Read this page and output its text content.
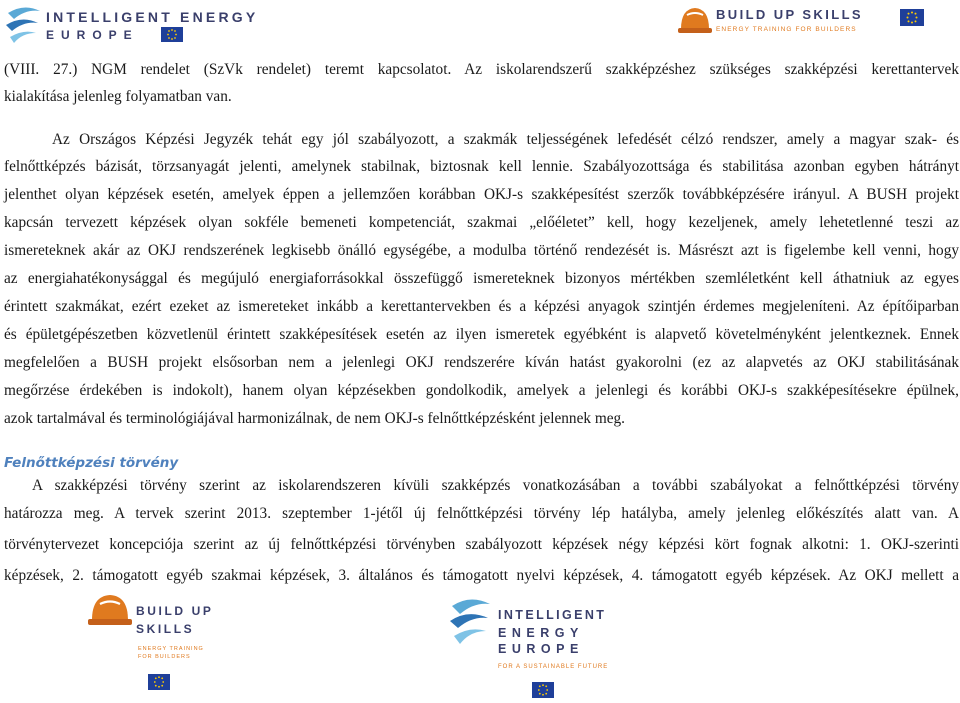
INTELLIGENT ENERGY
EUROPE
BUILD UP SKILLS
ENERGY TRAINING FOR BUILDERS

(VIII. 27.) NGM rendelet (SzVk rendelet) teremt kapcsolatot. Az iskolarendszerű szakképzéshez szükséges szakképzési kerettantervek

kialakítása jelenleg folyamatban van.

Az Országos Képzési Jegyzék tehát egy jól szabályozott, a szakmák teljességének lefedését célzó rendszer, amely a magyar szak- és

felnőttképzés bázisát, törzsanyagát jelenti, amelynek stabilnak, biztosnak kell lennie. Szabályozottsága és stabilitása azonban egyben hátrányt

jelenthet olyan képzések esetén, amelyek éppen a jellemzően korábban OKJ-s szakképesítést szerzők továbbképzésére irányul. A BUSH projekt

kapcsán tervezett képzések olyan sokféle bemeneti kompetenciát, szakmai „előéletet” kell, hogy kezeljenek, amely lehetetlenné teszi az

ismereteknek akár az OKJ rendszerének legkisebb önálló egységébe, a modulba történő rendezését is. Másrészt azt is figelembe kell venni, hogy

az energiahatékonysággal és megújuló energiaforrásokkal összefüggő ismereteknek bizonyos mértékben szemléletként kell áthatniuk az egyes

érintett szakmákat, ezért ezeket az ismereteket inkább a kerettantervekben és a képzési anyagok szintjén érdemes megjeleníteni. Az építőiparban

és épületgépészetben közvetlenül érintett szakképesítések esetén az ilyen ismeretek egyébként is alapvető követelményként jelentkeznek. Ennek

megfelelően a BUSH projekt elsősorban nem a jelenlegi OKJ rendszerére kíván hatást gyakorolni (ez az alapvetés az OKJ stabilitásának

megőrzése érdekében is indokolt), hanem olyan képzésekben gondolkodik, amelyek a jelenlegi és korábbi OKJ-s szakképesítésekre épülnek,

azok tartalmával és terminológiájával harmonizálnak, de nem OKJ-s felnőttképzésként jelennek meg.

Felnőttképzési törvény

A szakképzési törvény szerint az iskolarendszeren kívüli szakképzés vonatkozásában a további szabályokat a felnőttképzési törvény

határozza meg. A tervek szerint 2013. szeptember 1-jétől új felnőttképzési törvény lép hatályba, amely jelenleg előkészítés alatt van. A

törvénytervezet koncepciója szerint az új felnőttképzési törvényben szabályozott képzések négy képzési kört fognak alkotni: 1. OKJ-szerinti

képzések, 2. támogatott egyéb szakmai képzések, 3. általános és támogatott nyelvi képzések, 4. támogatott egyéb képzések. Az OKJ mellett a

BUILD UP
SKILLS
ENERGY TRAINING
FOR BUILDERS
INTELLIGENT
ENERGY
EUROPE
FOR A SUSTAINABLE FUTURE
